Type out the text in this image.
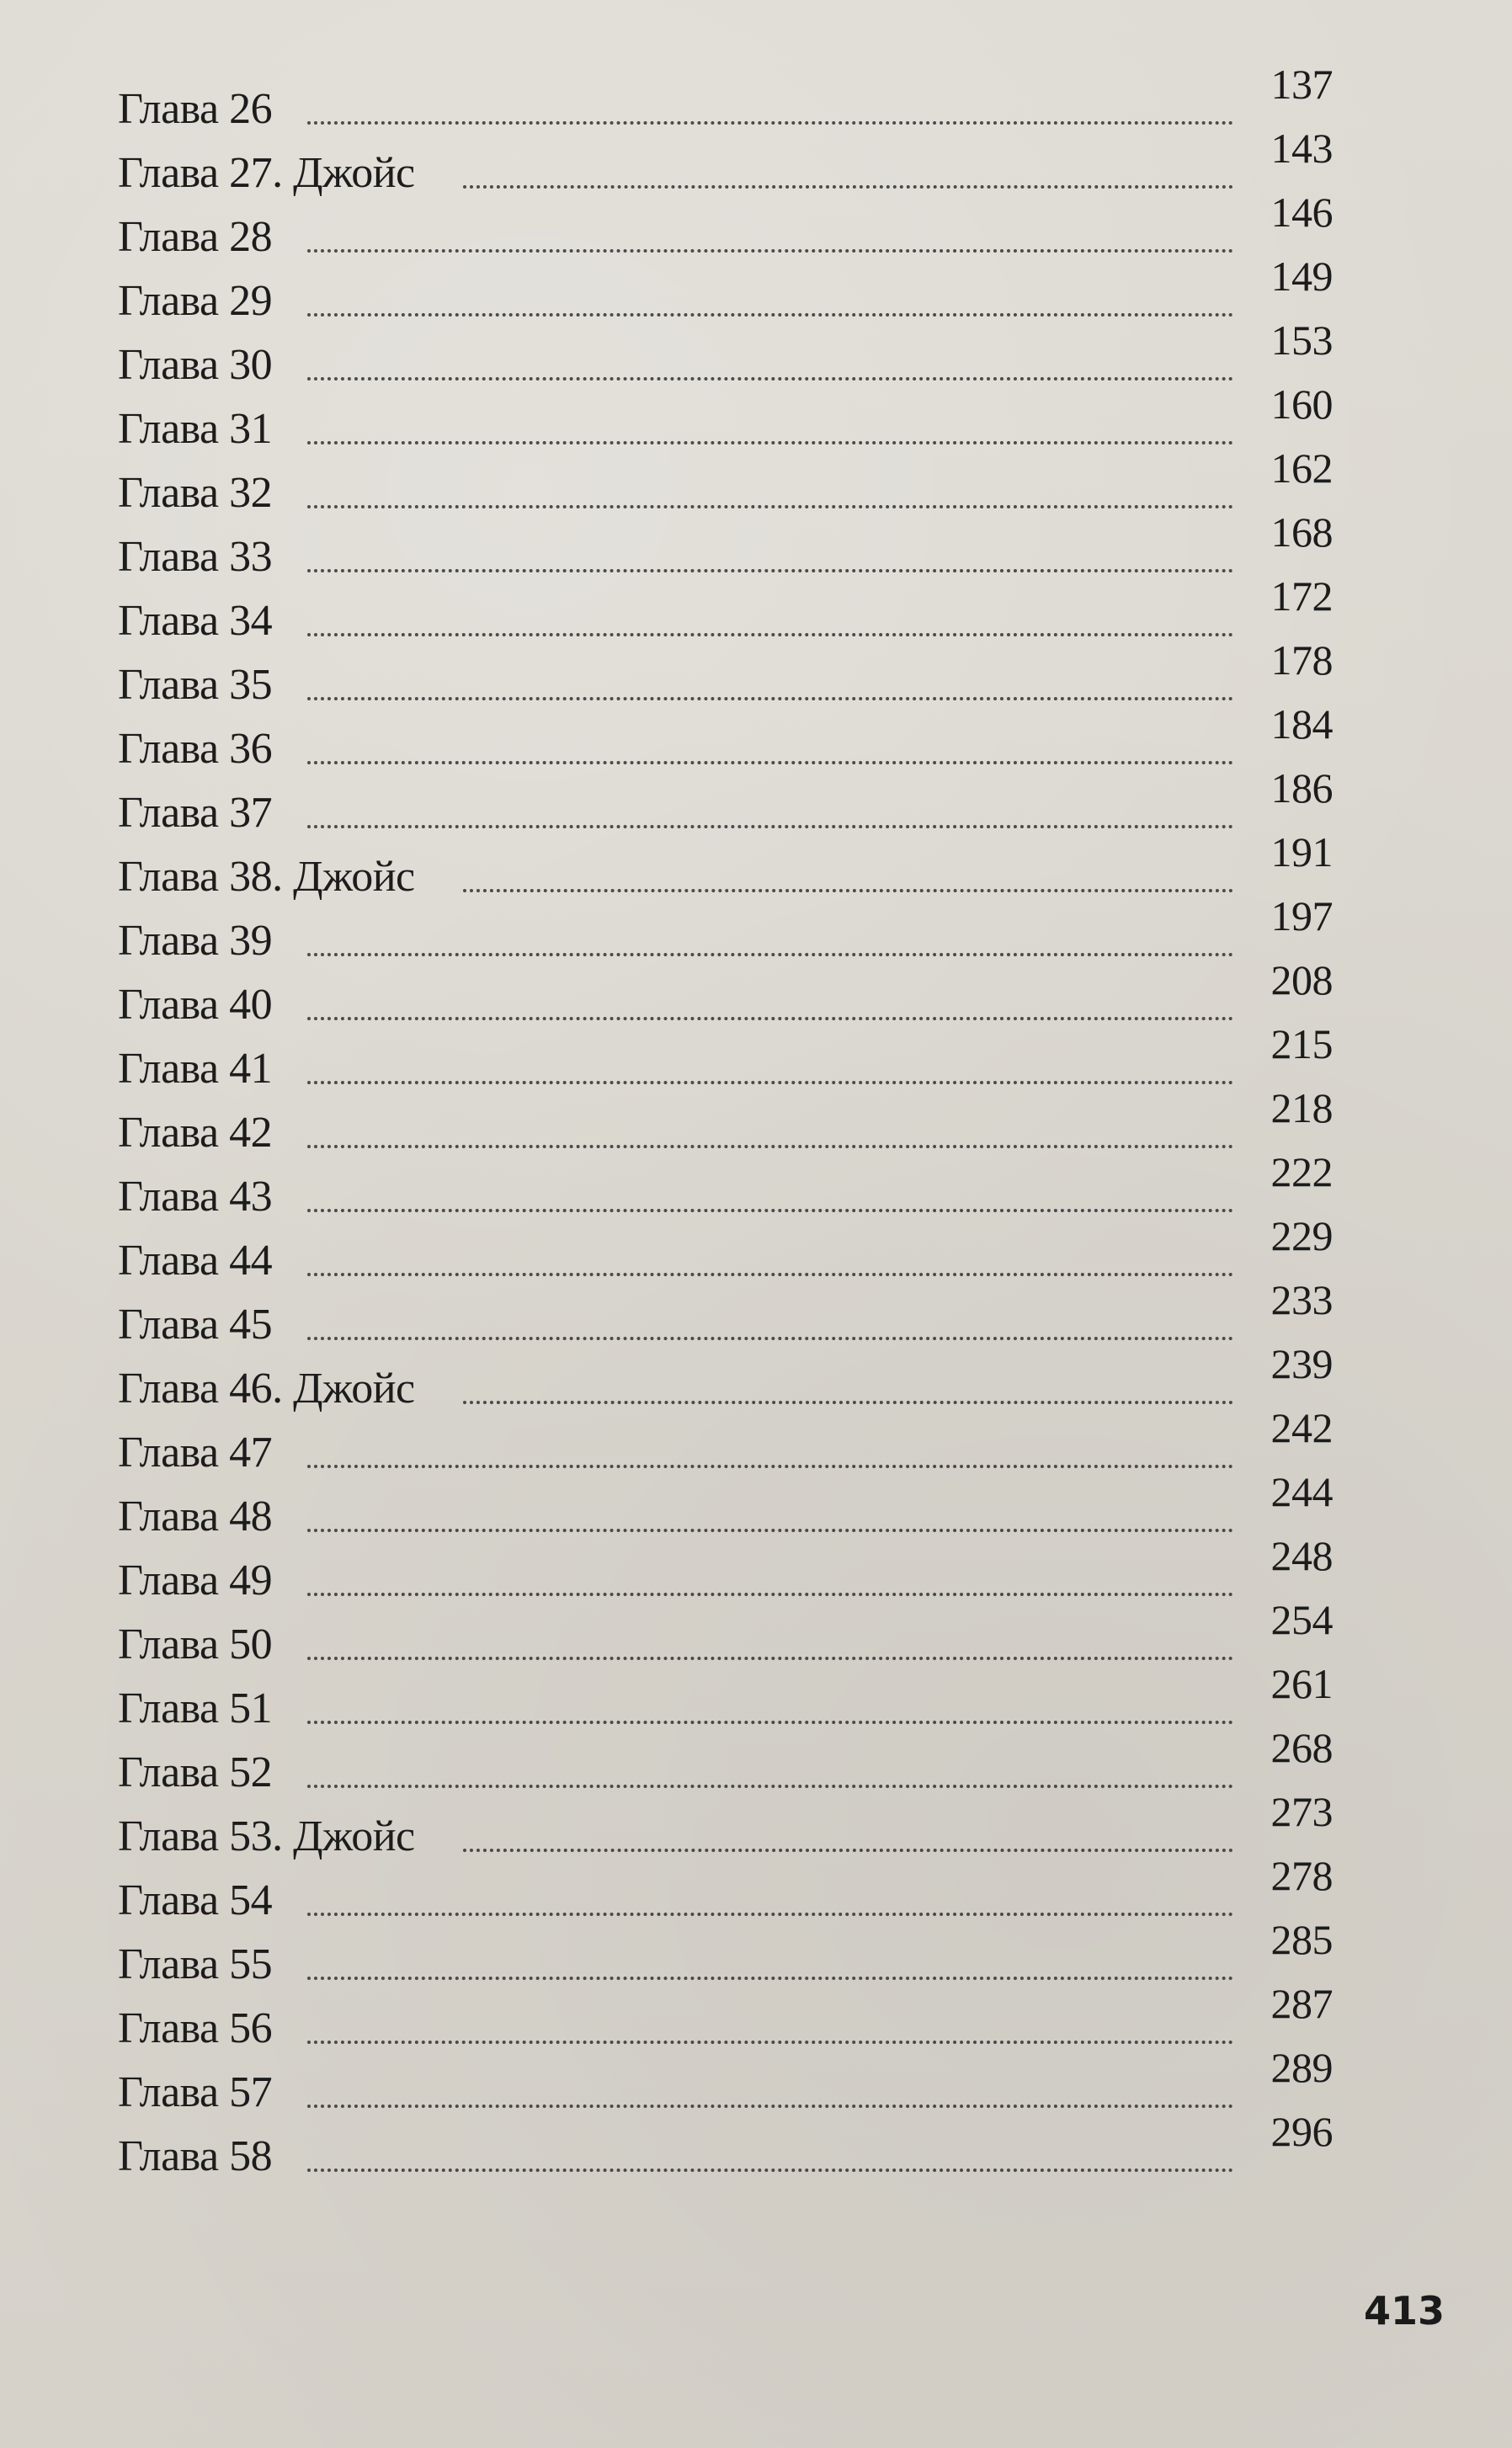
Глава 26
137
Глава 27. Джойс
143
Глава 28
146
Глава 29
149
Глава 30
153
Глава 31
160
Глава 32
162
Глава 33
168
Глава 34
172
Глава 35
178
Глава 36
184
Глава 37
186
Глава 38. Джойс
191
Глава 39
197
Глава 40
208
Глава 41
215
Глава 42
218
Глава 43
222
Глава 44
229
Глава 45
233
Глава 46. Джойс
239
Глава 47
242
Глава 48
244
Глава 49
248
Глава 50
254
Глава 51
261
Глава 52
268
Глава 53. Джойс
273
Глава 54
278
Глава 55
285
Глава 56
287
Глава 57
289
Глава 58
296
413
